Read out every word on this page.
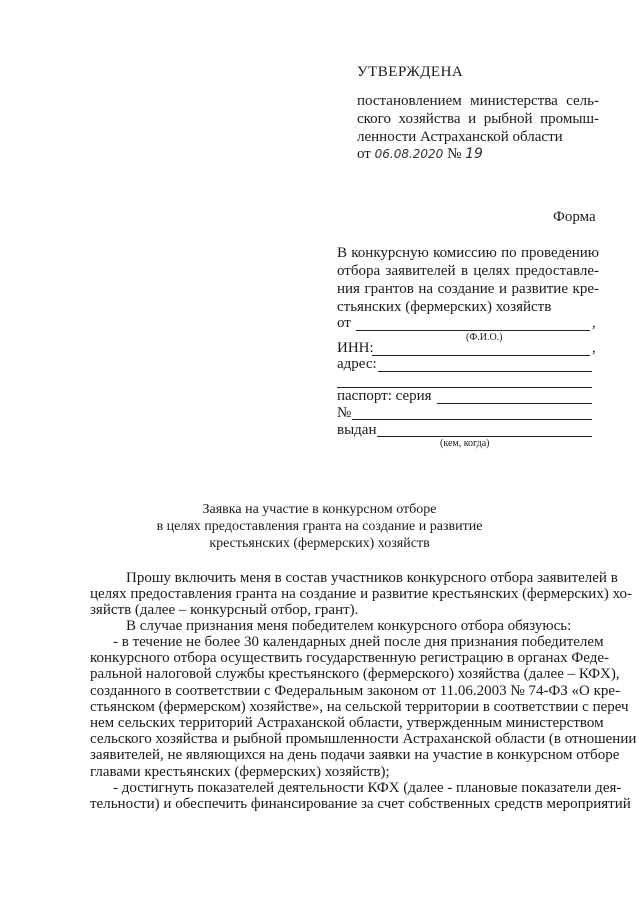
УТВЕРЖДЕНА
постановлением министерства сель-
ского хозяйства и рыбной промыш-
ленности Астраханской области
от 06.08.2020 № 19
Форма
В конкурсную комиссию по проведению
отбора заявителей в целях предоставле-
ния грантов на создание и развитие кре-
стьянских (фермерских) хозяйств
от	,
(Ф.И.О.)
ИНН:	,
адрес:
паспорт: серия
№
выдан
(кем, когда)
Заявка на участие в конкурсном отборе
в целях предоставления гранта на создание и развитие
крестьянских (фермерских) хозяйств
Прошу включить меня в состав участников конкурсного отбора заявителей в
целях предоставления гранта на создание и развитие крестьянских (фермерских) хо-
зяйств (далее – конкурсный отбор, грант).
В случае признания меня победителем конкурсного отбора обязуюсь:
- в течение не более 30 календарных дней после дня признания победителем
конкурсного отбора осуществить государственную регистрацию в органах Феде-
ральной налоговой службы крестьянского (фермерского) хозяйства (далее – КФХ),
созданного в соответствии с Федеральным законом от 11.06.2003 № 74-ФЗ «О кре-
стьянском (фермерском) хозяйстве», на сельской территории в соответствии с переч
нем сельских территорий Астраханской области, утвержденным министерством
сельского хозяйства и рыбной промышленности Астраханской области (в отношении
заявителей, не являющихся на день подачи заявки на участие в конкурсном отборе
главами крестьянских (фермерских) хозяйств);
- достигнуть показателей деятельности КФХ (далее - плановые показатели дея-
тельности) и обеспечить финансирование за счет собственных средств мероприятий
